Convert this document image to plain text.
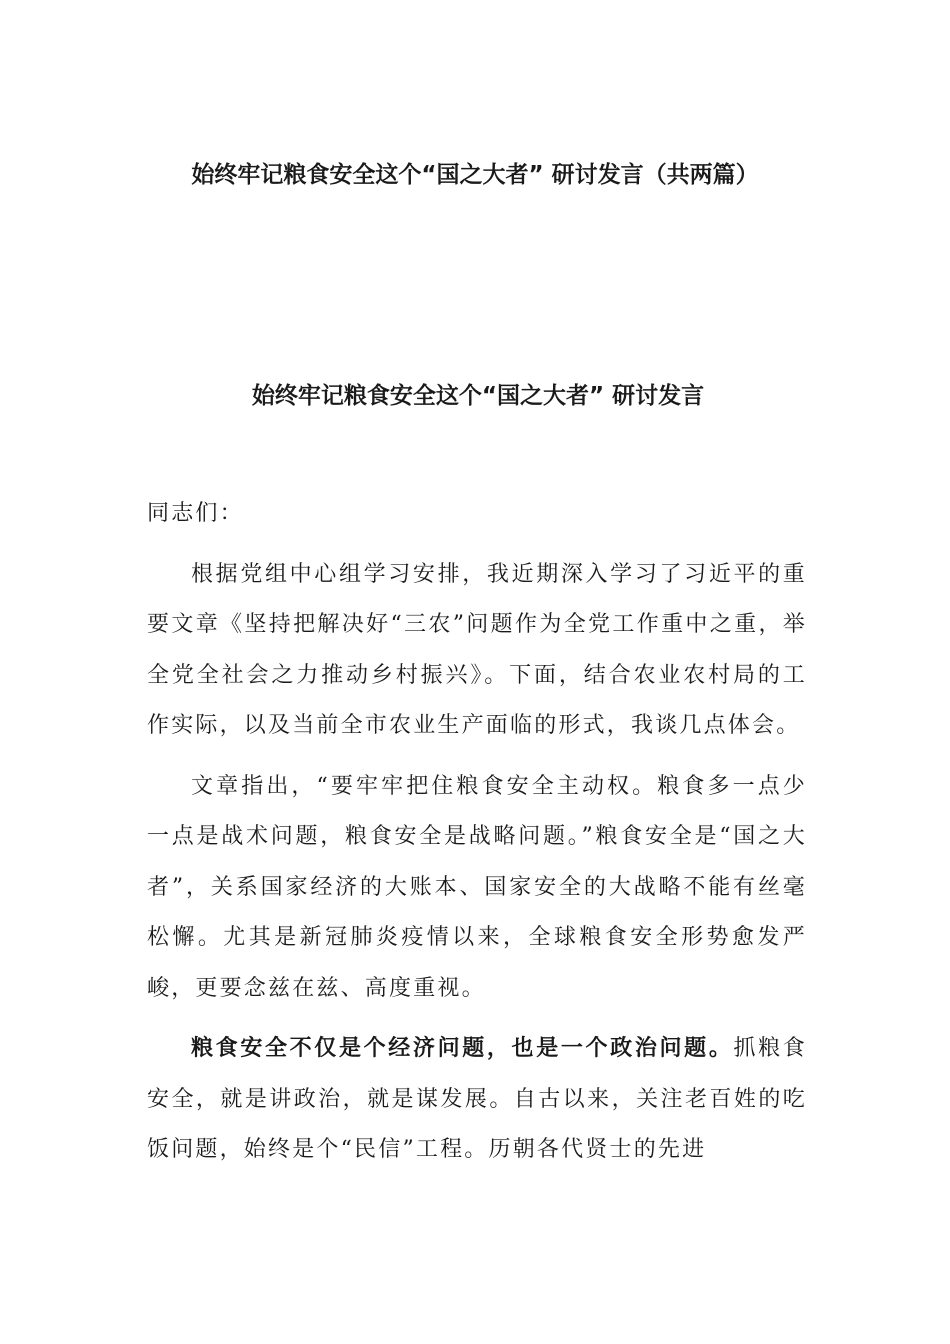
始终牢记粮食安全这个“国之大者” 研讨发言（共两篇）
始终牢记粮食安全这个“国之大者” 研讨发言

同志们：

根据党组中心组学习安排，我近期深入学习了习近平的重要文章《坚持把解决好“三农”问题作为全党工作重中之重，举全党全社会之力推动乡村振兴》。下面，结合农业农村局的工作实际，以及当前全市农业生产面临的形式，我谈几点体会。

文章指出，“要牢牢把住粮食安全主动权。粮食多一点少一点是战术问题，粮食安全是战略问题。”粮食安全是“国之大者”，关系国家经济的大账本、国家安全的大战略不能有丝毫松懈。尤其是新冠肺炎疫情以来，全球粮食安全形势愈发严峻，更要念兹在兹、高度重视。

粮食安全不仅是个经济问题，也是一个政治问题。抓粮食安全，就是讲政治，就是谋发展。自古以来，关注老百姓的吃饭问题，始终是个“民信”工程。历朝各代贤士的先进
